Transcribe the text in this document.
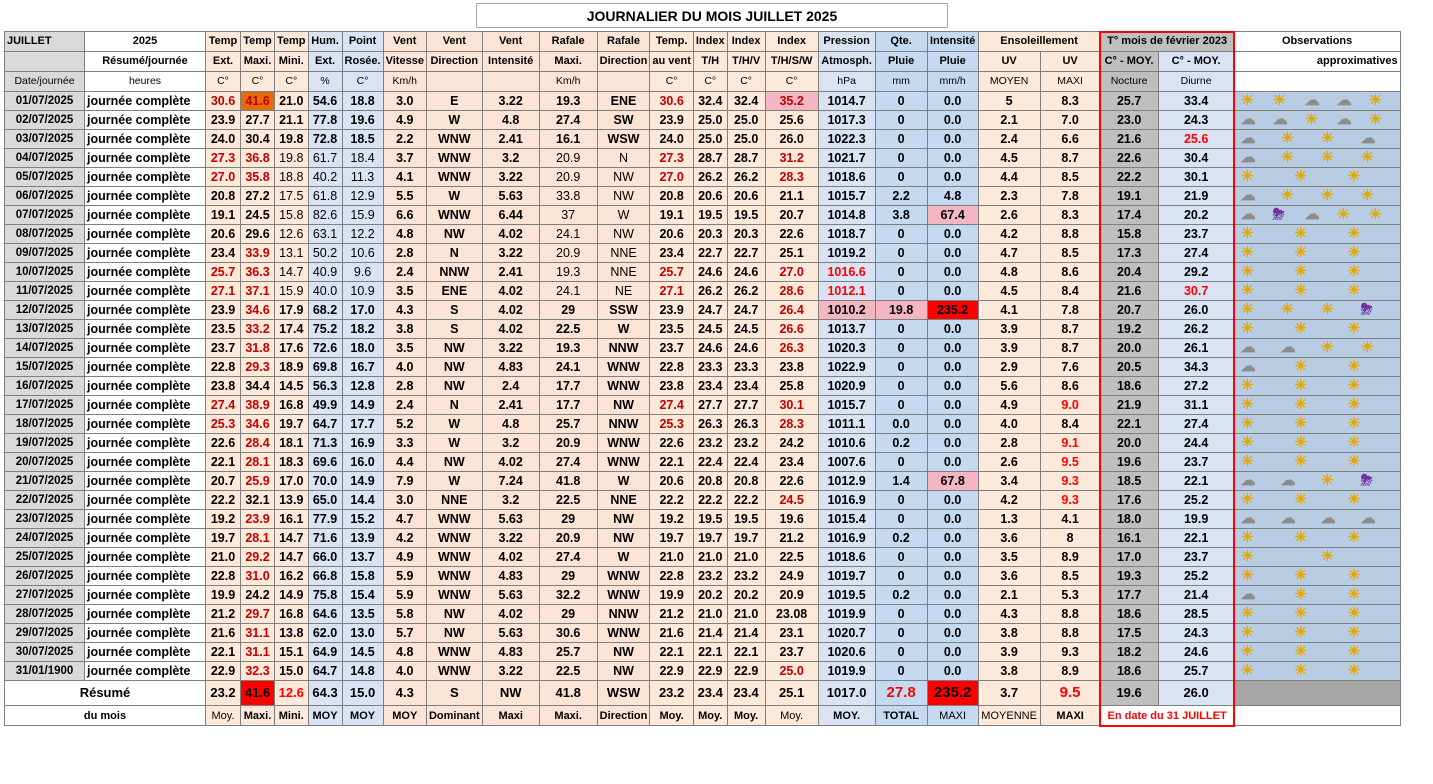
JOURNALIER DU MOIS JUILLET 2025
JUILLET	2025	Temp	Temp	Temp	Hum.	Point	Vent	Vent	Vent	Rafale	Rafale	Temp.	Index	Index	Index	Pression	Qte.	Intensité	Ensoleillement		T° mois de février 2023		Observations
	Résumé/journée	Ext.	Maxi.	Mini.	Ext.	Rosée.	Vitesse	Direction	Intensité	Maxi.	Direction	au vent	T/H	T/H/V	T/H/S/W	Atmosph.	Pluie	Pluie	UV	UV	C° - MOY.	C° - MOY.	approximatives
Date/journée	heures	C°	C°	C°	%	C°	Km/h			Km/h		C°	C°	C°	C°	hPa	mm	mm/h	MOYEN	MAXI	Nocture	Diurne	
01/07/2025	journée complète	30.6	41.6	21.0	54.6	18.8	3.0	E	3.22	19.3	ENE	30.6	32.4	32.4	35.2	1014.7	0	0.0	5	8.3	25.7	33.4	☀ ☀ ☁ ☁ ☀

02/07/2025	journée complète	23.9	27.7	21.1	77.8	19.6	4.9	W	4.8	27.4	SW	23.9	25.0	25.0	25.6	1017.3	0	0.0	2.1	7.0	23.0	24.3	☁ ☁ ☀ ☁ ☀

03/07/2025	journée complète	24.0	30.4	19.8	72.8	18.5	2.2	WNW	2.41	16.1	WSW	24.0	25.0	25.0	26.0	1022.3	0	0.0	2.4	6.6	21.6	25.6	☁ ☀ ☀ ☁

04/07/2025	journée complète	27.3	36.8	19.8	61.7	18.4	3.7	WNW	3.2	20.9	N	27.3	28.7	28.7	31.2	1021.7	0	0.0	4.5	8.7	22.6	30.4	☁ ☀ ☀ ☀

05/07/2025	journée complète	27.0	35.8	18.8	40.2	11.3	4.1	WNW	3.22	20.9	NW	27.0	26.2	26.2	28.3	1018.6	0	0.0	4.4	8.5	22.2	30.1	☀ ☀ ☀

06/07/2025	journée complète	20.8	27.2	17.5	61.8	12.9	5.5	W	5.63	33.8	NW	20.8	20.6	20.6	21.1	1015.7	2.2	4.8	2.3	7.8	19.1	21.9	☁ ☀ ☀ ☀

07/07/2025	journée complète	19.1	24.5	15.8	82.6	15.9	6.6	WNW	6.44	37	W	19.1	19.5	19.5	20.7	1014.8	3.8	67.4	2.6	8.3	17.4	20.2	☁ ⛈ ☁ ☀ ☀

08/07/2025	journée complète	20.6	29.6	12.6	63.1	12.2	4.8	NW	4.02	24.1	NW	20.6	20.3	20.3	22.6	1018.7	0	0.0	4.2	8.8	15.8	23.7	☀ ☀ ☀

09/07/2025	journée complète	23.4	33.9	13.1	50.2	10.6	2.8	N	3.22	20.9	NNE	23.4	22.7	22.7	25.1	1019.2	0	0.0	4.7	8.5	17.3	27.4	☀ ☀ ☀

10/07/2025	journée complète	25.7	36.3	14.7	40.9	9.6	2.4	NNW	2.41	19.3	NNE	25.7	24.6	24.6	27.0	1016.6	0	0.0	4.8	8.6	20.4	29.2	☀ ☀ ☀

11/07/2025	journée complète	27.1	37.1	15.9	40.0	10.9	3.5	ENE	4.02	24.1	NE	27.1	26.2	26.2	28.6	1012.1	0	0.0	4.5	8.4	21.6	30.7	☀ ☀ ☀

12/07/2025	journée complète	23.9	34.6	17.9	68.2	17.0	4.3	S	4.02	29	SSW	23.9	24.7	24.7	26.4	1010.2	19.8	235.2	4.1	7.8	20.7	26.0	☀ ☀ ☀ ⛈

13/07/2025	journée complète	23.5	33.2	17.4	75.2	18.2	3.8	S	4.02	22.5	W	23.5	24.5	24.5	26.6	1013.7	0	0.0	3.9	8.7	19.2	26.2	☀ ☀ ☀

14/07/2025	journée complète	23.7	31.8	17.6	72.6	18.0	3.5	NW	3.22	19.3	NNW	23.7	24.6	24.6	26.3	1020.3	0	0.0	3.9	8.7	20.0	26.1	☁ ☁ ☀ ☀

15/07/2025	journée complète	22.8	29.3	18.9	69.8	16.7	4.0	NW	4.83	24.1	WNW	22.8	23.3	23.3	23.8	1022.9	0	0.0	2.9	7.6	20.5	34.3	☁ ☀ ☀

16/07/2025	journée complète	23.8	34.4	14.5	56.3	12.8	2.8	NW	2.4	17.7	WNW	23.8	23.4	23.4	25.8	1020.9	0	0.0	5.6	8.6	18.6	27.2	☀ ☀ ☀

17/07/2025	journée complète	27.4	38.9	16.8	49.9	14.9	2.4	N	2.41	17.7	NW	27.4	27.7	27.7	30.1	1015.7	0	0.0	4.9	9.0	21.9	31.1	☀ ☀ ☀

18/07/2025	journée complète	25.3	34.6	19.7	64.7	17.7	5.2	W	4.8	25.7	NNW	25.3	26.3	26.3	28.3	1011.1	0.0	0.0	4.0	8.4	22.1	27.4	☀ ☀ ☀

19/07/2025	journée complète	22.6	28.4	18.1	71.3	16.9	3.3	W	3.2	20.9	WNW	22.6	23.2	23.2	24.2	1010.6	0.2	0.0	2.8	9.1	20.0	24.4	☀ ☀ ☀

20/07/2025	journée complète	22.1	28.1	18.3	69.6	16.0	4.4	NW	4.02	27.4	WNW	22.1	22.4	22.4	23.4	1007.6	0	0.0	2.6	9.5	19.6	23.7	☀ ☀ ☀

21/07/2025	journée complète	20.7	25.9	17.0	70.0	14.9	7.9	W	7.24	41.8	W	20.6	20.8	20.8	22.6	1012.9	1.4	67.8	3.4	9.3	18.5	22.1	☁ ☁ ☀ ⛈

22/07/2025	journée complète	22.2	32.1	13.9	65.0	14.4	3.0	NNE	3.2	22.5	NNE	22.2	22.2	22.2	24.5	1016.9	0	0.0	4.2	9.3	17.6	25.2	☀ ☀ ☀

23/07/2025	journée complète	19.2	23.9	16.1	77.9	15.2	4.7	WNW	5.63	29	NW	19.2	19.5	19.5	19.6	1015.4	0	0.0	1.3	4.1	18.0	19.9	☁ ☁ ☁ ☁

24/07/2025	journée complète	19.7	28.1	14.7	71.6	13.9	4.2	WNW	3.22	20.9	NW	19.7	19.7	19.7	21.2	1016.9	0.2	0.0	3.6	8	16.1	22.1	☀ ☀ ☀

25/07/2025	journée complète	21.0	29.2	14.7	66.0	13.7	4.9	WNW	4.02	27.4	W	21.0	21.0	21.0	22.5	1018.6	0	0.0	3.5	8.9	17.0	23.7	☀ ☀

26/07/2025	journée complète	22.8	31.0	16.2	66.8	15.8	5.9	WNW	4.83	29	WNW	22.8	23.2	23.2	24.9	1019.7	0	0.0	3.6	8.5	19.3	25.2	☀ ☀ ☀

27/07/2025	journée complète	19.9	24.2	14.9	75.8	15.4	5.9	WNW	5.63	32.2	WNW	19.9	20.2	20.2	20.9	1019.5	0.2	0.0	2.1	5.3	17.7	21.4	☁ ☀ ☀

28/07/2025	journée complète	21.2	29.7	16.8	64.6	13.5	5.8	NW	4.02	29	NNW	21.2	21.0	21.0	23.08	1019.9	0	0.0	4.3	8.8	18.6	28.5	☀ ☀ ☀

29/07/2025	journée complète	21.6	31.1	13.8	62.0	13.0	5.7	NW	5.63	30.6	WNW	21.6	21.4	21.4	23.1	1020.7	0	0.0	3.8	8.8	17.5	24.3	☀ ☀ ☀

30/07/2025	journée complète	22.1	31.1	15.1	64.9	14.5	4.8	WNW	4.83	25.7	NW	22.1	22.1	22.1	23.7	1020.6	0	0.0	3.9	9.3	18.2	24.6	☀ ☀ ☀

31/01/1900	journée complète	22.9	32.3	15.0	64.7	14.8	4.0	WNW	3.22	22.5	NW	22.9	22.9	22.9	25.0	1019.9	0	0.0	3.8	8.9	18.6	25.7	☀ ☀ ☀

Résumé		23.2	41.6	12.6	64.3	15.0	4.3	S	NW	41.8	WSW	23.2	23.4	23.4	25.1	1017.0	27.8	235.2	3.7	9.5	19.6	26.0	
du mois		Moy.	Maxi.	Mini.	MOY	MOY	MOY	Dominant	Maxi	Maxi.	Direction	Moy.	Moy.	Moy.	Moy.	MOY.	TOTAL	MAXI	MOYENNE	MAXI	En date du 31 JUILLET		
